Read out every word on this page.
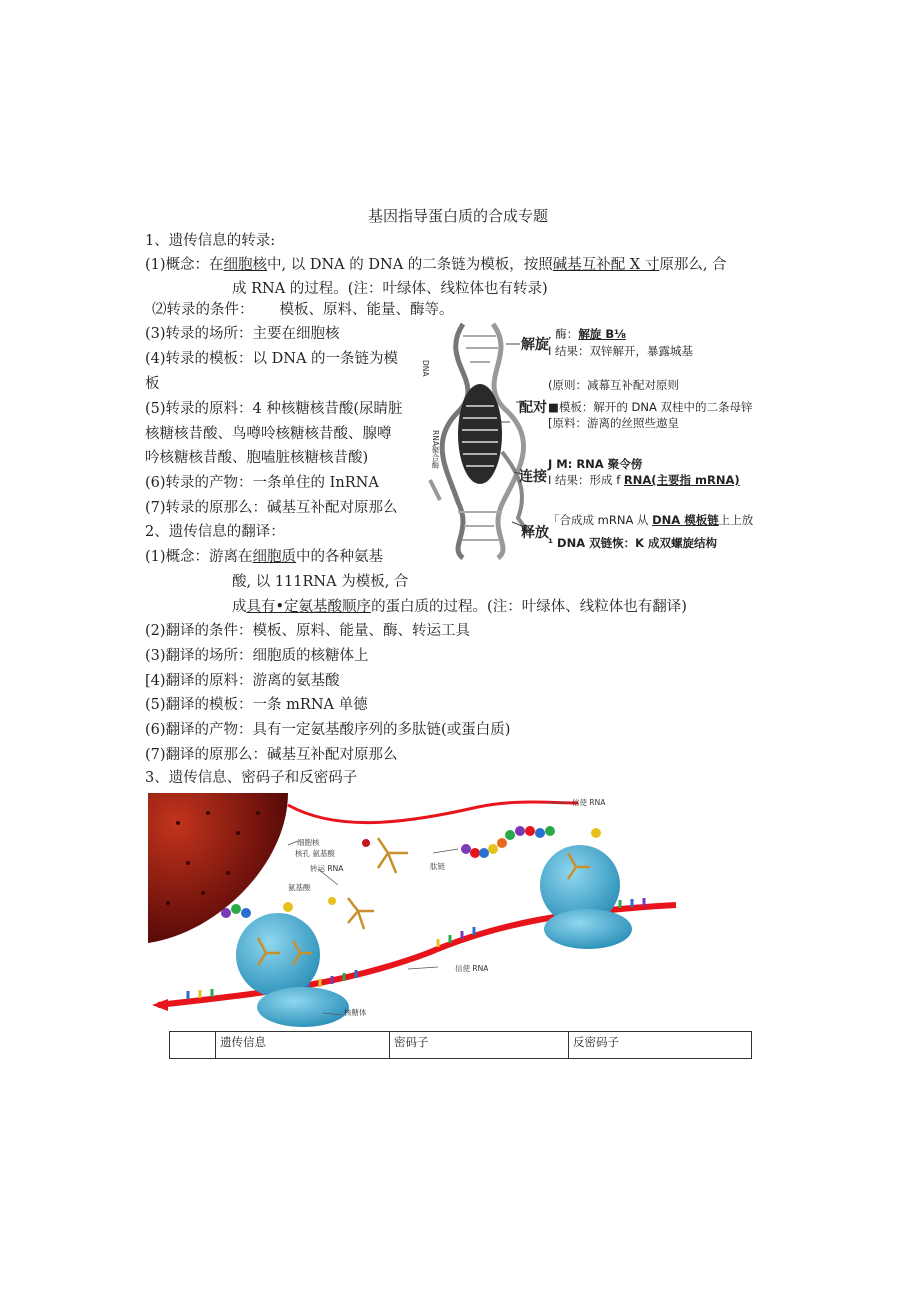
基因指导蛋白质的合成专题
1、遗传信息的转录:
(1)概念：在细胞核中, 以 DNA 的 DNA 的二条链为模板，按照碱基互补配 X 寸原那么, 合
成 RNA 的过程。(注：叶绿体、线粒体也有转录)
⑵转录的条件： 模板、原料、能量、酶等。
(3)转录的场所：主要在细胞核
(4)转录的模板：以 DNA 的一条链为模
板
(5)转录的原料：4 种核糖核昔酸(尿睛脏
核糖核昔酸、鸟噂呤核糖核昔酸、腺噂
吟核糖核昔酸、胞嗑脏核糖核昔酸)
(6)转录的产物：一条单住的 InRNA
(7)转录的原那么：碱基互补配对原那么
2、遗传信息的翻译：
(1)概念：游离在细胞质中的各种氨基
酸, 以 111RNA 为模板, 合
成具有•定氨基酸顺序的蛋白质的过程。(注：叶绿体、线粒体也有翻译)
(2)翻译的条件：模板、原料、能量、酶、转运工具
(3)翻译的场所：细胞质的核糖体上
[4)翻译的原料：游离的氨基酸
(5)翻译的模板：一条 mRNA 单德
(6)翻译的产物：具有一定氨基酸序列的多肽链(或蛋白质)
(7)翻译的原那么：碱基互补配对原那么
3、遗传信息、密码子和反密码子
DNA
RNA聚合酶
解旋
配对
连接
释放
, 酶：解旋 B⅛
I 结果：双锌解开，暴露城基
(原则：减幕互补配对原则
■模板：解开的 DNA 双桂中的二条母锌
[原料：游离的丝照些遨皇
J M: RNA 聚令傍
I 结果：形成 f RNA(主要指 mRNA)
「合成成 mRNA 从 DNA 模板链上上放
¹ DNA 双链恢：K 成双螺旋结构
信使 RNA
细胞核
核孔 氨基酸
转运 RNA
氨基酸
肽链
信使 RNA
核糖体
	遗传信息	密码子	反密码子
